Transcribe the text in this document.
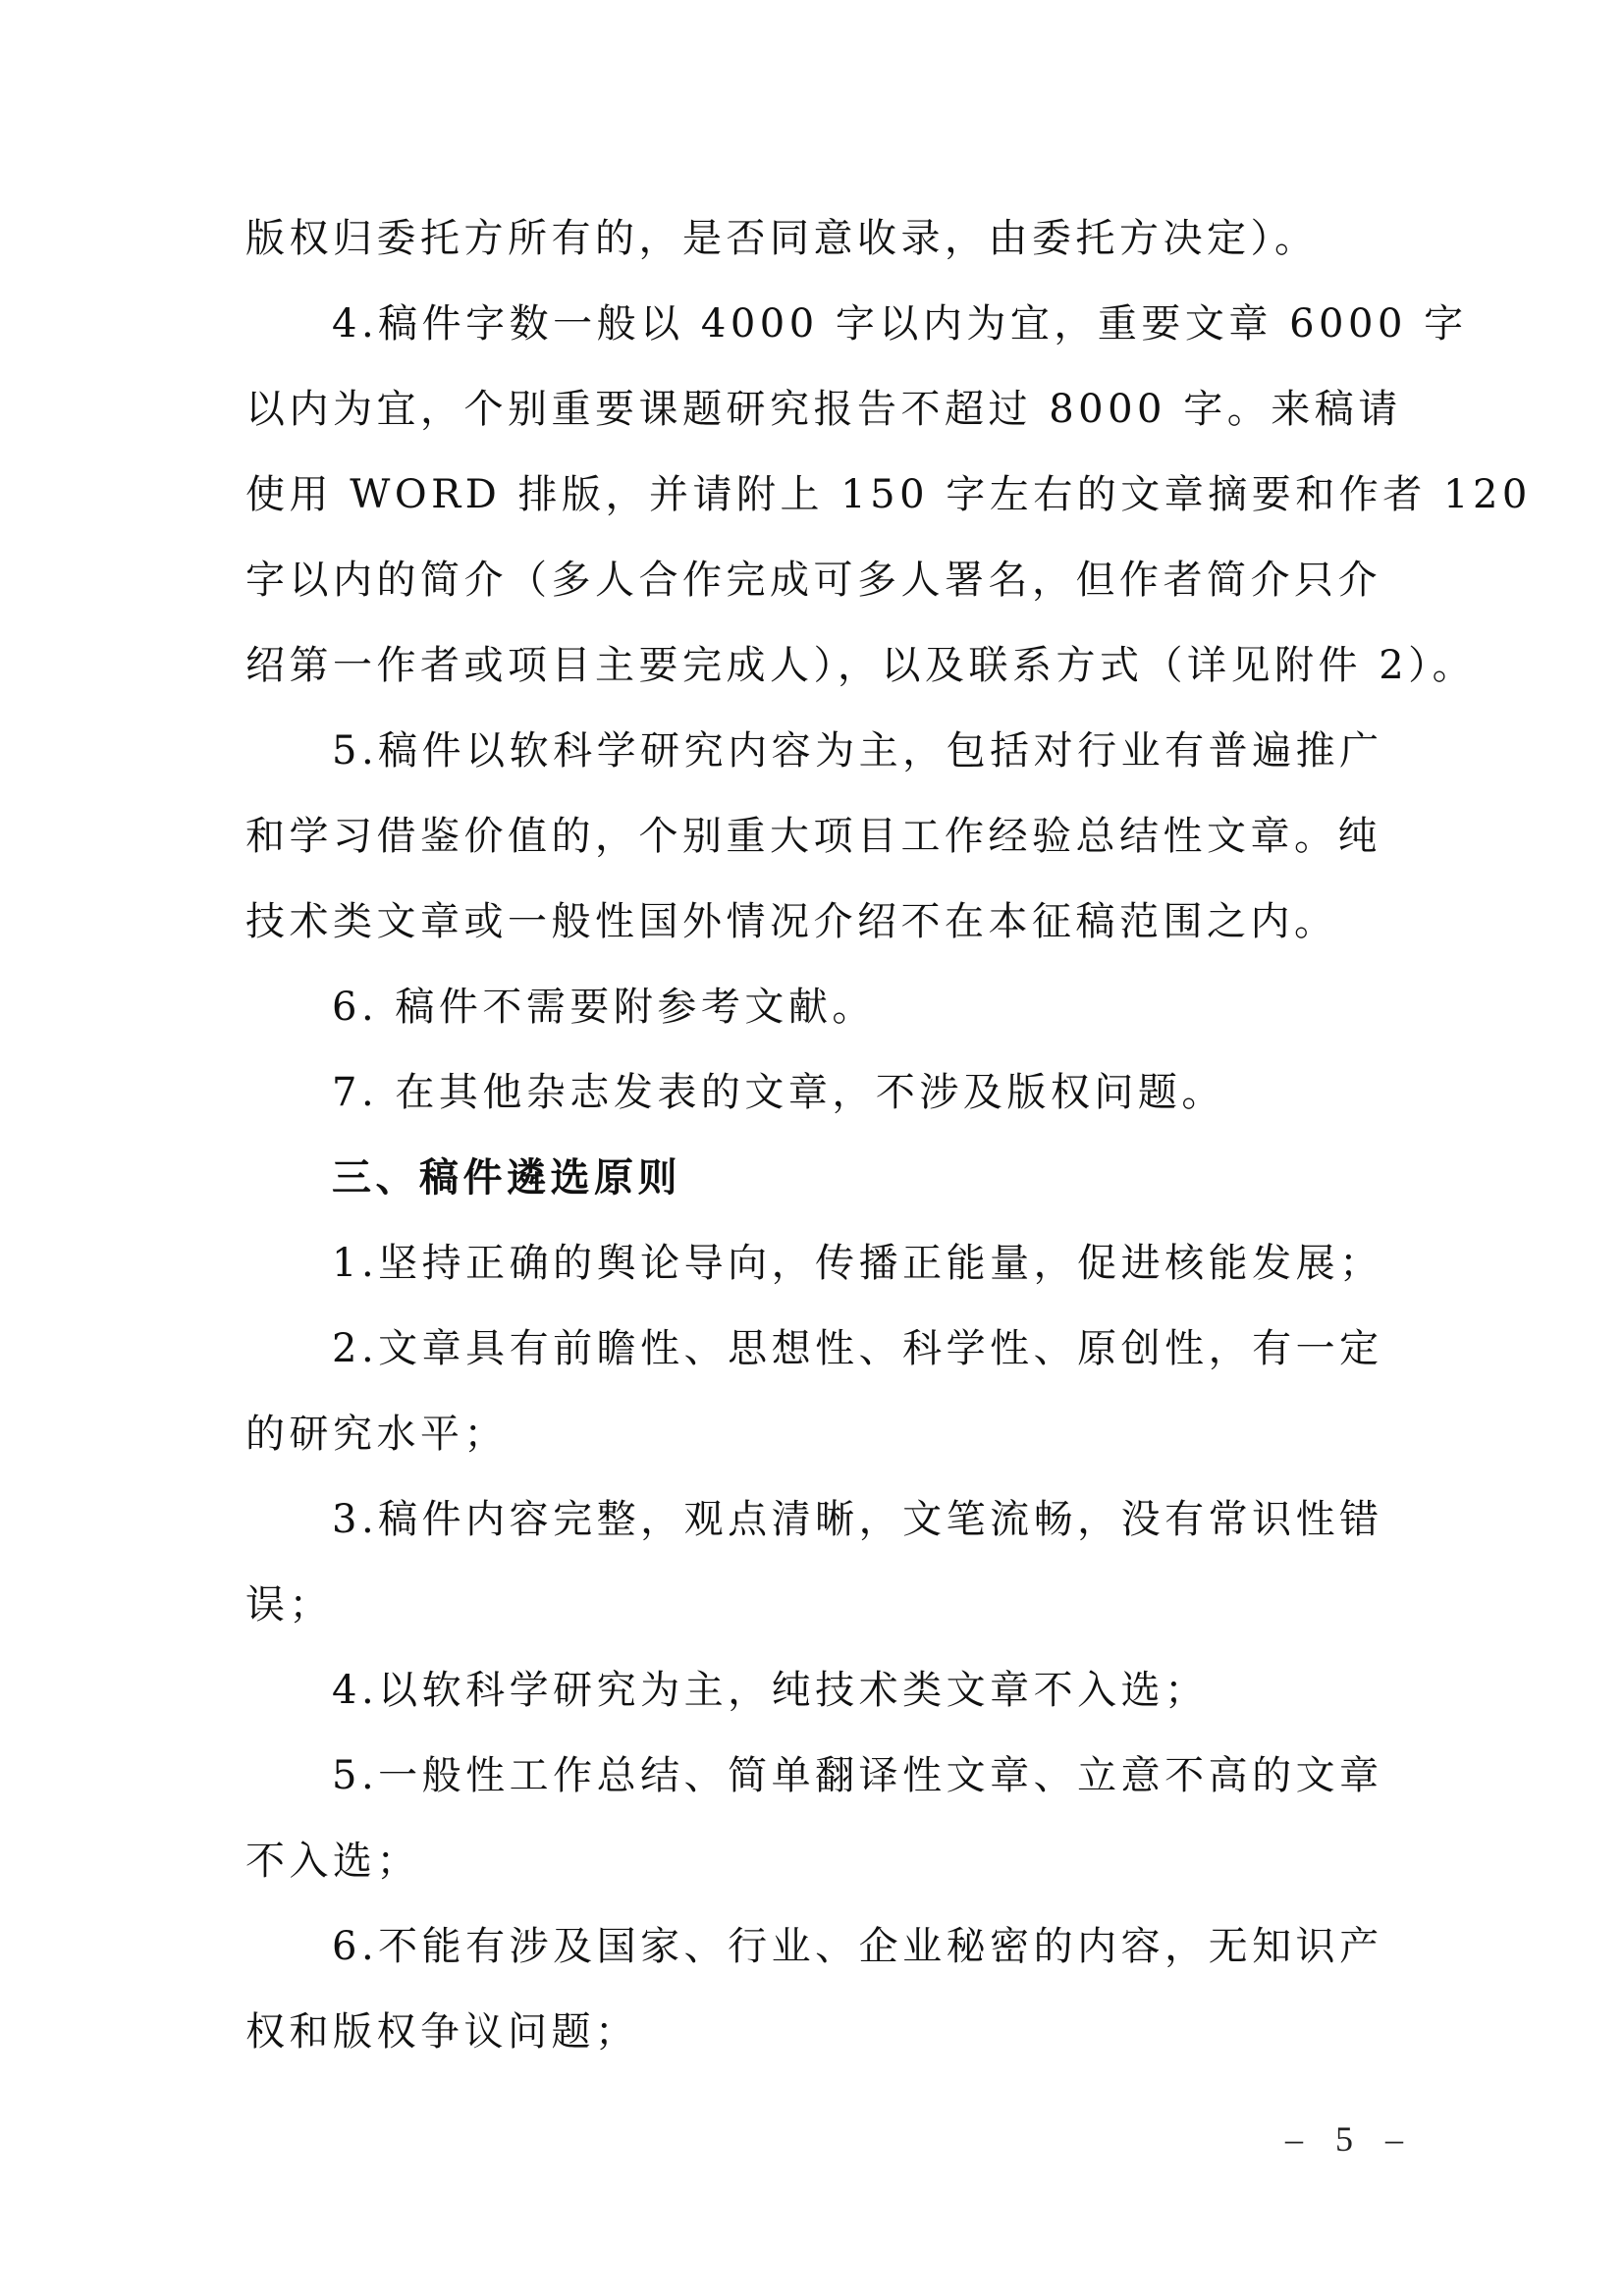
版权归委托方所有的，是否同意收录，由委托方决定）。
4.稿件字数一般以 4000 字以内为宜，重要文章 6000 字
以内为宜，个别重要课题研究报告不超过 8000 字。来稿请
使用 WORD 排版，并请附上 150 字左右的文章摘要和作者 120
字以内的简介（多人合作完成可多人署名，但作者简介只介
绍第一作者或项目主要完成人），以及联系方式（详见附件 2）。
5.稿件以软科学研究内容为主，包括对行业有普遍推广
和学习借鉴价值的，个别重大项目工作经验总结性文章。纯
技术类文章或一般性国外情况介绍不在本征稿范围之内。
6. 稿件不需要附参考文献。
7. 在其他杂志发表的文章，不涉及版权问题。
三、稿件遴选原则
1.坚持正确的舆论导向，传播正能量，促进核能发展；
2.文章具有前瞻性、思想性、科学性、原创性，有一定
的研究水平；
3.稿件内容完整，观点清晰，文笔流畅，没有常识性错
误；
4.以软科学研究为主，纯技术类文章不入选；
5.一般性工作总结、简单翻译性文章、立意不高的文章
不入选；
6.不能有涉及国家、行业、企业秘密的内容，无知识产
权和版权争议问题；
– 5 –
